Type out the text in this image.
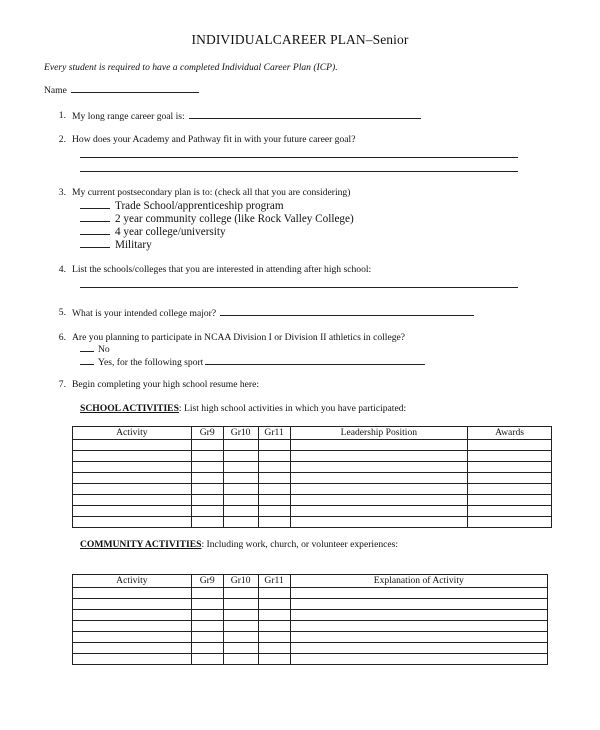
INDIVIDUALCAREER PLAN–Senior
Every student is required to have a completed Individual Career Plan (ICP).
Name
1. My long range career goal is:
2. How does your Academy and Pathway fit in with your future career goal?
3. My current postsecondary plan is to: (check all that you are considering)
Trade School/apprenticeship program
2 year community college (like Rock Valley College)
4 year college/university
Military
4. List the schools/colleges that you are interested in attending after high school:
5. What is your intended college major?
6. Are you planning to participate in NCAA Division I or Division II athletics in college?
No
Yes, for the following sport
7. Begin completing your high school resume here:
SCHOOL ACTIVITIES: List high school activities in which you have participated:
Activity	Gr9	Gr10	Gr11	Leadership Position	Awards

COMMUNITY ACTIVITIES: Including work, church, or volunteer experiences:
Activity	Gr9	Gr10	Gr11	Explanation of Activity
